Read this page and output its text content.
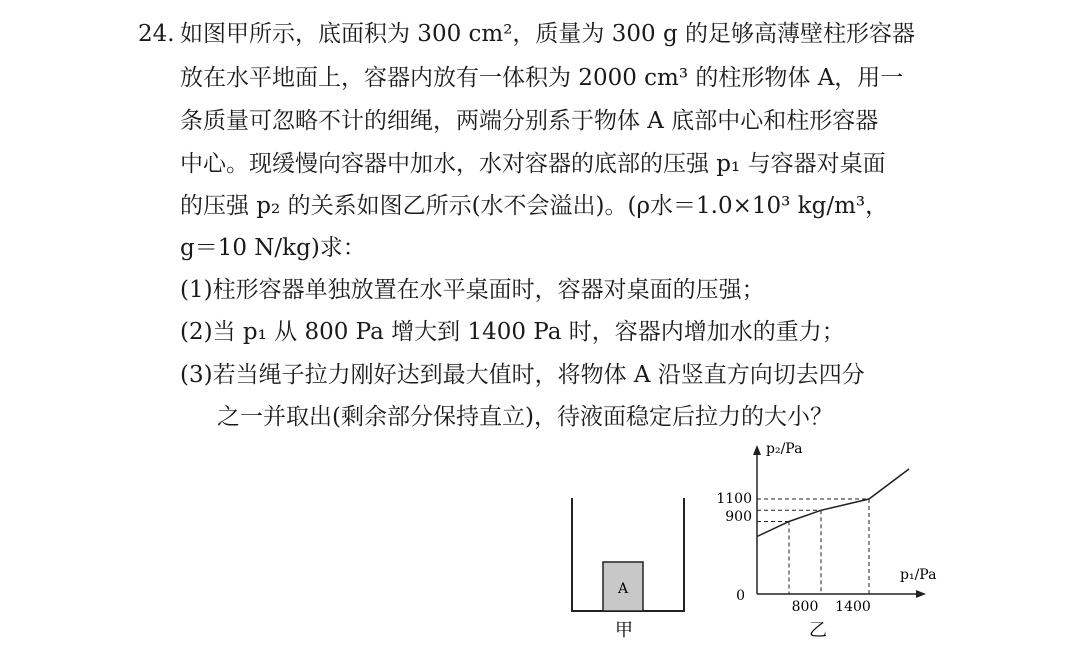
24. 如图甲所示，底面积为 300 cm²，质量为 300 g 的足够高薄壁柱形容器
放在水平地面上，容器内放有一体积为 2000 cm³ 的柱形物体 A，用一
条质量可忽略不计的细绳，两端分别系于物体 A 底部中心和柱形容器
中心。现缓慢向容器中加水，水对容器的底部的压强 p₁ 与容器对桌面
的压强 p₂ 的关系如图乙所示(水不会溢出)。(ρ水＝1.0×10³ kg/m³，
g＝10 N/kg)求：
(1)柱形容器单独放置在水平桌面时，容器对桌面的压强；
(2)当 p₁ 从 800 Pa 增大到 1400 Pa 时，容器内增加水的重力；
(3)若当绳子拉力刚好达到最大值时，将物体 A 沿竖直方向切去四分
之一并取出(剩余部分保持直立)，待液面稳定后拉力的大小？
A
甲
p₂/Pa
p₁/Pa
0
800 1400
900
1100
乙
